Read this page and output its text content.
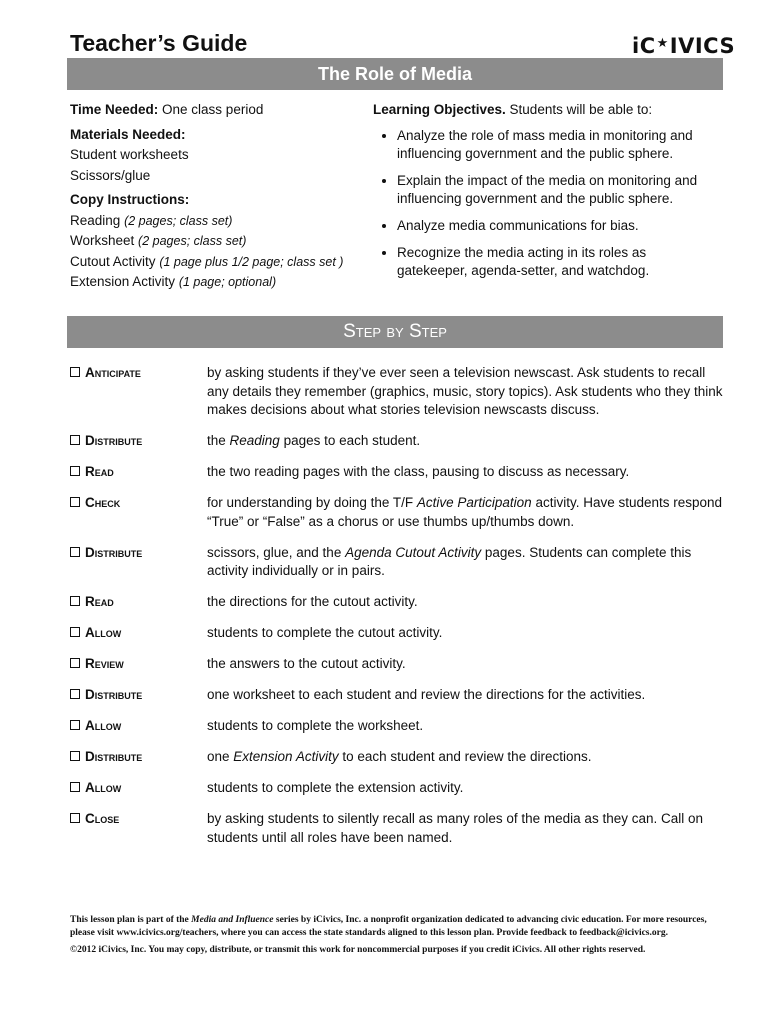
Teacher’s Guide	iC★IVICS
The Role of Media
Time Needed: One class period
Materials Needed:
Student worksheets
Scissors/glue
Copy Instructions:
Reading (2 pages; class set)
Worksheet (2 pages; class set)
Cutout Activity (1 page plus 1/2 page; class set )
Extension Activity (1 page; optional)
Learning Objectives. Students will be able to:
• Analyze the role of mass media in monitoring and influencing government and the public sphere.
• Explain the impact of the media on monitoring and influencing government and the public sphere.
• Analyze media communications for bias.
• Recognize the media acting in its roles as gatekeeper, agenda-setter, and watchdog.
Step by Step
Anticipate	by asking students if they’ve ever seen a television newscast. Ask students to recall any details they remember (graphics, music, story topics). Ask students who they think makes decisions about what stories television newscasts discuss.
Distribute	the Reading pages to each student.
Read	the two reading pages with the class, pausing to discuss as necessary.
Check	for understanding by doing the T/F Active Participation activity. Have students respond “True” or “False” as a chorus or use thumbs up/thumbs down.
Distribute	scissors, glue, and the Agenda Cutout Activity pages. Students can complete this activity individually or in pairs.
Read	the directions for the cutout activity.
Allow	students to complete the cutout activity.
Review	the answers to the cutout activity.
Distribute	one worksheet to each student and review the directions for the activities.
Allow	students to complete the worksheet.
Distribute	one Extension Activity to each student and review the directions.
Allow	students to complete the extension activity.
Close	by asking students to silently recall as many roles of the media as they can. Call on students until all roles have been named.

This lesson plan is part of the Media and Influence series by iCivics, Inc. a nonprofit organization dedicated to advancing civic education. For more resources, please visit www.icivics.org/teachers, where you can access the state standards aligned to this lesson plan. Provide feedback to feedback@icivics.org.

©2012 iCivics, Inc. You may copy, distribute, or transmit this work for noncommercial purposes if you credit iCivics. All other rights reserved.
